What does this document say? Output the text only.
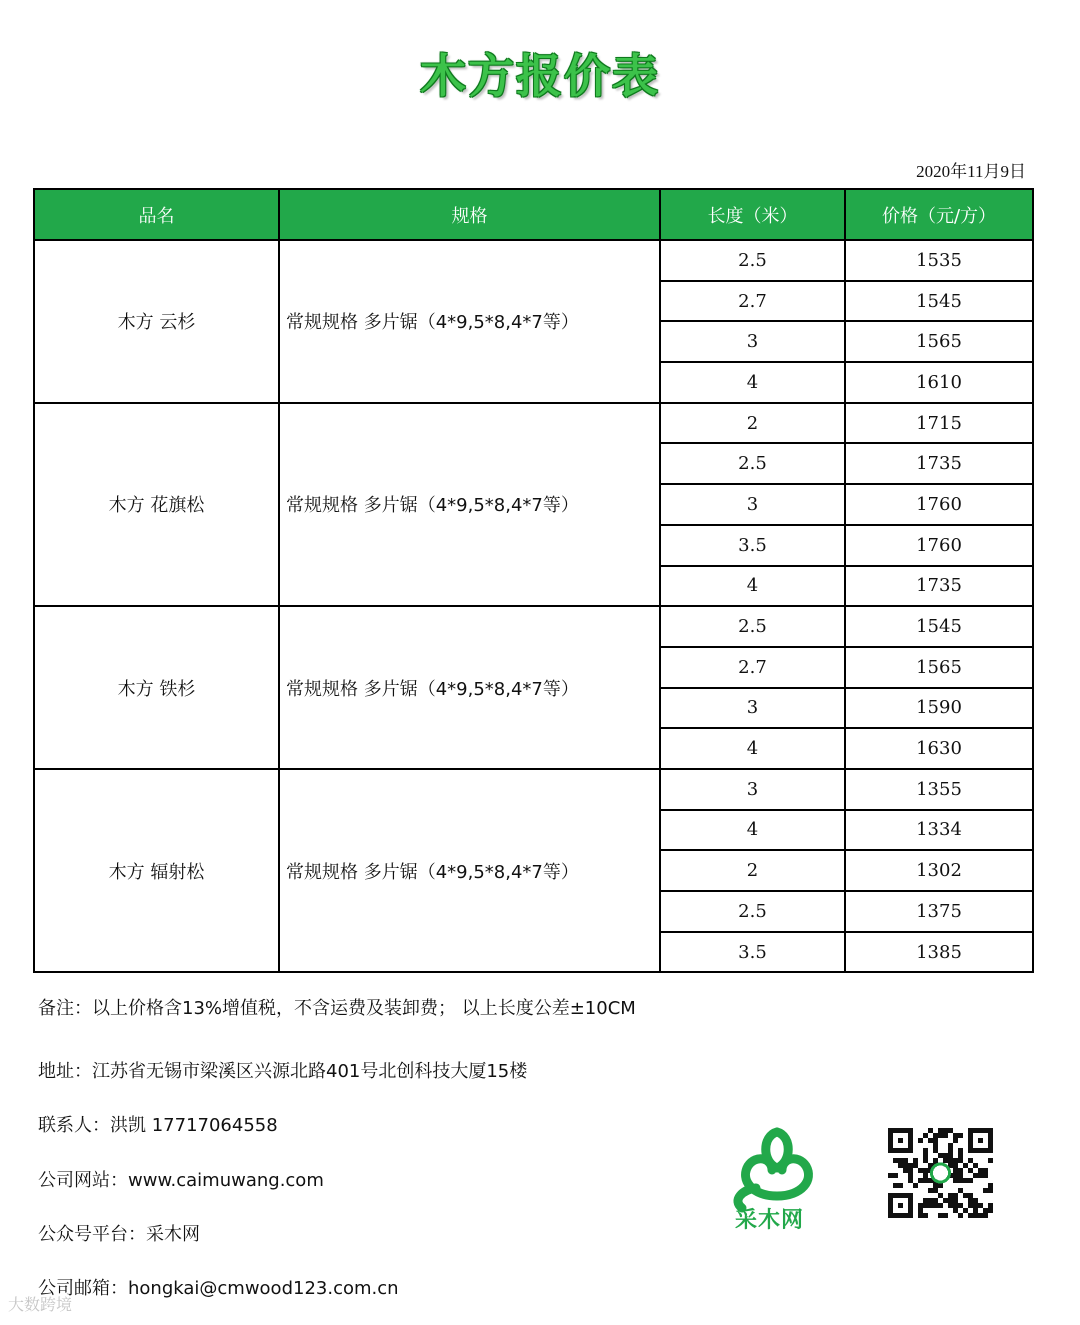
木方报价表
2020年11月9日
品名	规格	长度（米）	价格（元/方）
木方 云杉	常规规格 多片锯（4*9,5*8,4*7等）	2.5	1535
		2.7	1545
		3	1565
		4	1610
木方 花旗松	常规规格 多片锯（4*9,5*8,4*7等）	2	1715
		2.5	1735
		3	1760
		3.5	1760
		4	1735
木方 铁杉	常规规格 多片锯（4*9,5*8,4*7等）	2.5	1545
		2.7	1565
		3	1590
		4	1630
木方 辐射松	常规规格 多片锯（4*9,5*8,4*7等）	3	1355
		4	1334
		2	1302
		2.5	1375
		3.5	1385
备注：以上价格含13%增值税，不含运费及装卸费； 以上长度公差±10CM
地址：江苏省无锡市梁溪区兴源北路401号北创科技大厦15楼
联系人：洪凯 17717064558
公司网站：www.caimuwang.com
公众号平台：采木网
公司邮箱：hongkai@cmwood123.com.cn
采木网
大数跨境
